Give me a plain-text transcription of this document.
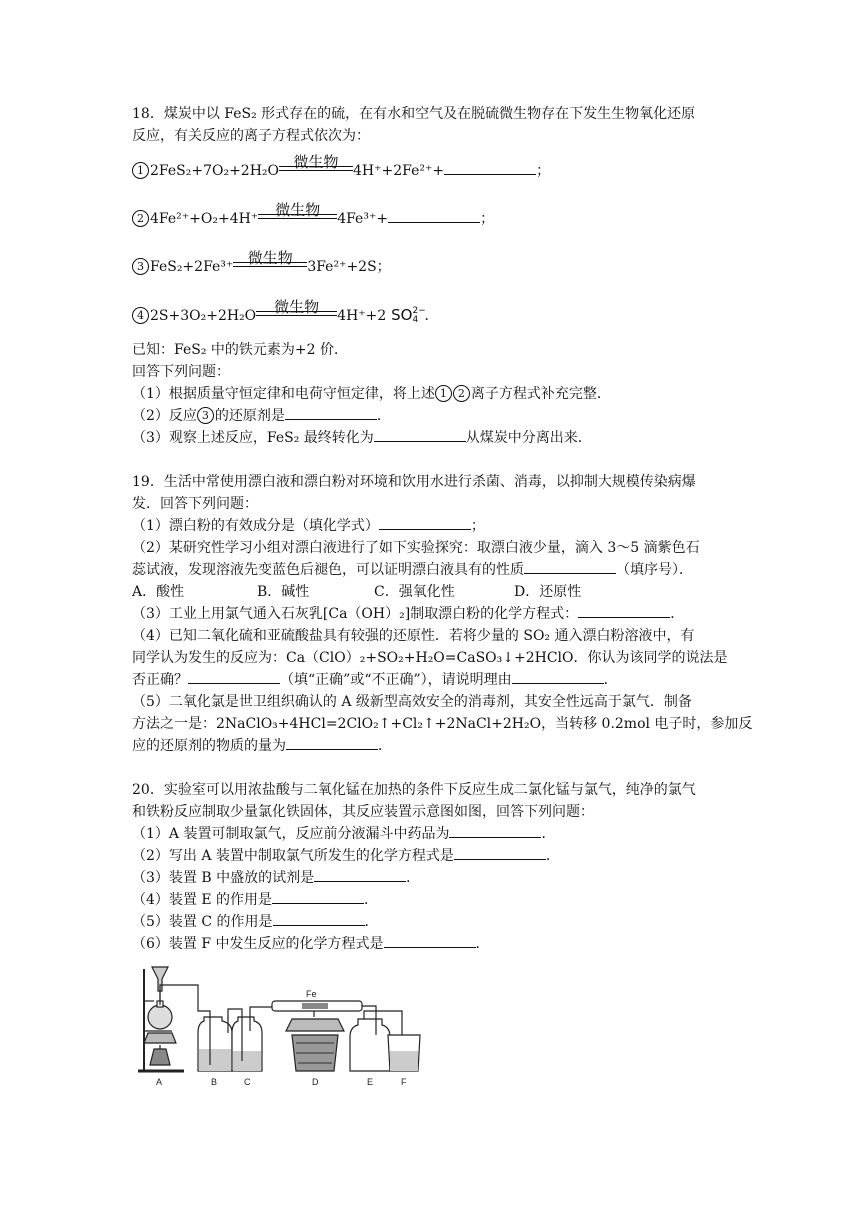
18．煤炭中以 FeS₂ 形式存在的硫，在有水和空气及在脱硫微生物存在下发生生物氧化还原
反应，有关反应的离子方程式依次为：
1 2FeS₂+7O₂+2H₂O 微生物 4H⁺+2Fe²⁺+	；
2 4Fe²⁺+O₂+4H⁺ 微生物 4Fe³⁺+	；
3 FeS₂+2Fe³⁺ 微生物 3Fe²⁺+2S；
4 2S+3O₂+2H₂O 微生物 4H⁺+2 SO 2−
4 ．
已知：FeS₂ 中的铁元素为+2 价．
回答下列问题：
（1）根据质量守恒定律和电荷守恒定律，将上述 1 2 离子方程式补充完整．
（2）反应 3 的还原剂是	．
（3）观察上述反应，FeS₂ 最终转化为	从煤炭中分离出来．
19．生活中常使用漂白液和漂白粉对环境和饮用水进行杀菌、消毒，以抑制大规模传染病爆
发．回答下列问题：
（1）漂白粉的有效成分是（填化学式）	；
（2）某研究性学习小组对漂白液进行了如下实验探究：取漂白液少量，滴入 3～5 滴紫色石
蕊试液，发现溶液先变蓝色后褪色，可以证明漂白液具有的性质	（填序号）．
A．酸性	B．碱性	C．强氧化性	D．还原性
（3）工业上用氯气通入石灰乳[Ca（OH）₂]制取漂白粉的化学方程式：	．
（4）已知二氧化硫和亚硫酸盐具有较强的还原性．若将少量的 SO₂ 通入漂白粉溶液中，有
同学认为发生的反应为：Ca（ClO）₂+SO₂+H₂O=CaSO₃↓+2HClO．你认为该同学的说法是
否正确？	（填“正确”或“不正确”），请说明理由	．
（5）二氧化氯是世卫组织确认的 A 级新型高效安全的消毒剂，其安全性远高于氯气．制备
方法之一是：2NaClO₃+4HCl=2ClO₂↑+Cl₂↑+2NaCl+2H₂O，当转移 0.2mol 电子时，参加反
应的还原剂的物质的量为	．
20．实验室可以用浓盐酸与二氧化锰在加热的条件下反应生成二氯化锰与氯气，纯净的氯气
和铁粉反应制取少量氯化铁固体，其反应装置示意图如图，回答下列问题：
（1）A 装置可制取氯气，反应前分液漏斗中药品为	．
（2）写出 A 装置中制取氯气所发生的化学方程式是	．
（3）装置 B 中盛放的试剂是	．
（4）装置 E 的作用是	．
（5）装置 C 的作用是	．
（6）装置 F 中发生反应的化学方程式是	．
Fe
A	B	C	D	E	F
